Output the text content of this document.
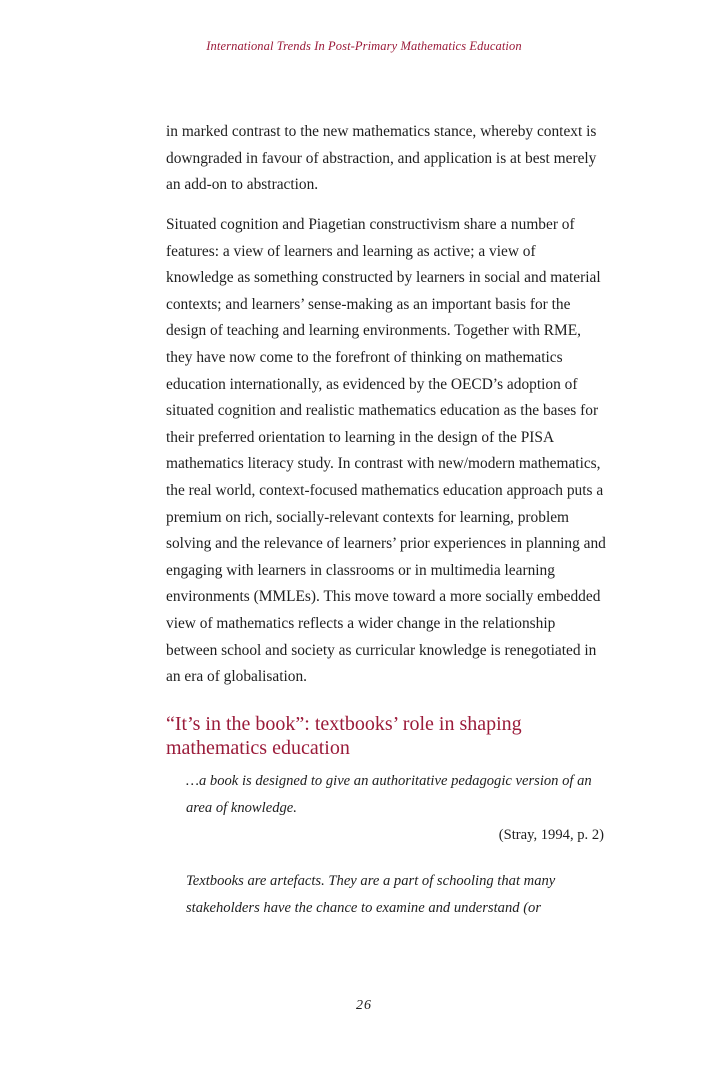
International Trends In Post-Primary Mathematics Education

in marked contrast to the new mathematics stance, whereby context is downgraded in favour of abstraction, and application is at best merely an add-on to abstraction.

Situated cognition and Piagetian constructivism share a number of features: a view of learners and learning as active; a view of knowledge as something constructed by learners in social and material contexts; and learners’ sense-making as an important basis for the design of teaching and learning environments. Together with RME, they have now come to the forefront of thinking on mathematics education internationally, as evidenced by the OECD’s adoption of situated cognition and realistic mathematics education as the bases for their preferred orientation to learning in the design of the PISA mathematics literacy study. In contrast with new/modern mathematics, the real world, context-focused mathematics education approach puts a premium on rich, socially-relevant contexts for learning, problem solving and the relevance of learners’ prior experiences in planning and engaging with learners in classrooms or in multimedia learning environments (MMLEs). This move toward a more socially embedded view of mathematics reflects a wider change in the relationship between school and society as curricular knowledge is renegotiated in an era of globalisation.

“It’s in the book”: textbooks’ role in shaping mathematics education

…a book is designed to give an authoritative pedagogic version of an area of knowledge.

(Stray, 1994, p. 2)

Textbooks are artefacts. They are a part of schooling that many stakeholders have the chance to examine and understand (or

26
